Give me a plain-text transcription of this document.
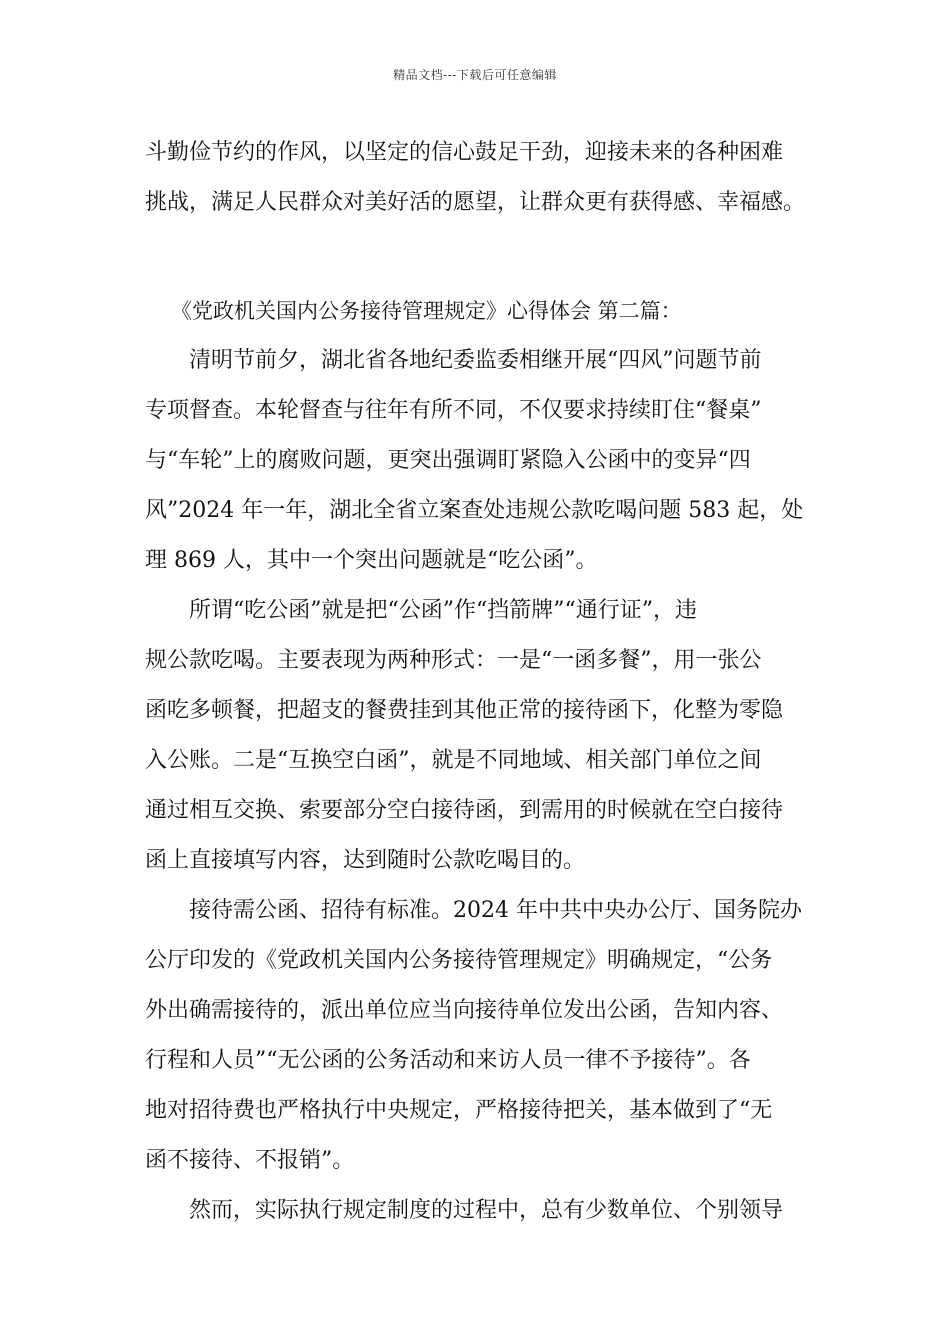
精品文档---下载后可任意编辑
斗勤俭节约的作风，以坚定的信心鼓足干劲，迎接未来的各种困难
挑战，满足人民群众对美好活的愿望，让群众更有获得感、幸福感。
《党政机关国内公务接待管理规定》心得体会 第二篇：
清明节前夕，湖北省各地纪委监委相继开展“四风”问题节前
专项督查。本轮督查与往年有所不同，不仅要求持续盯住“餐桌”
与“车轮”上的腐败问题，更突出强调盯紧隐入公函中的变异“四
风”2024 年一年，湖北全省立案查处违规公款吃喝问题 583 起，处
理 869 人，其中一个突出问题就是“吃公函”。
所谓“吃公函”就是把“公函”作“挡箭牌”“通行证”，违
规公款吃喝。主要表现为两种形式：一是“一函多餐”，用一张公
函吃多顿餐，把超支的餐费挂到其他正常的接待函下，化整为零隐
入公账。二是“互换空白函”，就是不同地域、相关部门单位之间
通过相互交换、索要部分空白接待函，到需用的时候就在空白接待
函上直接填写内容，达到随时公款吃喝目的。
接待需公函、招待有标准。2024 年中共中央办公厅、国务院办
公厅印发的《党政机关国内公务接待管理规定》明确规定，“公务
外出确需接待的，派出单位应当向接待单位发出公函，告知内容、
行程和人员”“无公函的公务活动和来访人员一律不予接待”。各
地对招待费也严格执行中央规定，严格接待把关，基本做到了“无
函不接待、不报销”。
然而，实际执行规定制度的过程中，总有少数单位、个别领导
